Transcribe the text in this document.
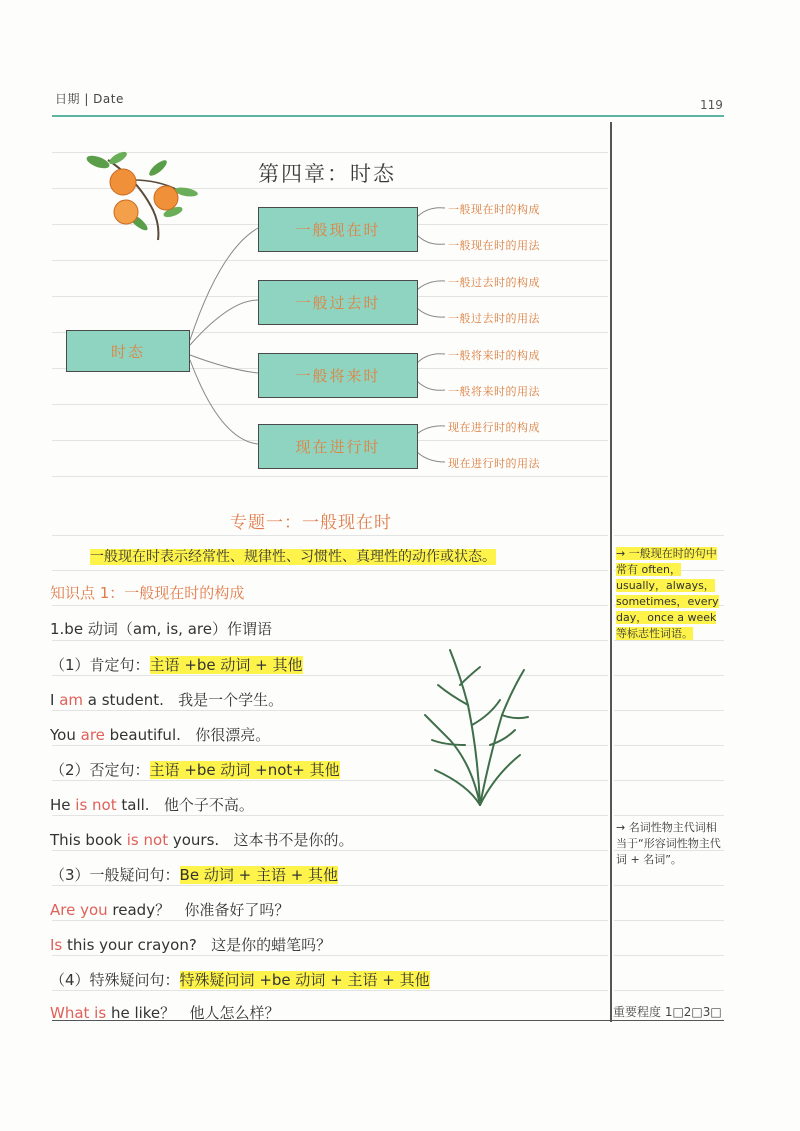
日期 | Date	119
第四章：时态
时态
一般现在时
一般过去时
一般将来时
现在进行时
一般现在时的构成
一般现在时的用法
一般过去时的构成
一般过去时的用法
一般将来时的构成
一般将来时的用法
现在进行时的构成
现在进行时的用法
专题一：一般现在时
一般现在时表示经常性、规律性、习惯性、真理性的动作或状态。
知识点 1：一般现在时的构成
1.be 动词（am, is, are）作谓语
（1）肯定句：主语 +be 动词 + 其他
I am a student. 我是一个学生。
You are beautiful. 你很漂亮。
（2）否定句：主语 +be 动词 +not+ 其他
He is not tall. 他个子不高。
This book is not yours. 这本书不是你的。
（3）一般疑问句：Be 动词 + 主语 + 其他
Are you ready？ 你准备好了吗？
Is this your crayon? 这是你的蜡笔吗？
（4）特殊疑问句：特殊疑问词 +be 动词 + 主语 + 其他
What is he like？ 他人怎么样？
→ 一般现在时的句中常有 often，usually，always，sometimes，every day，once a week 等标志性词语。
→ 名词性物主代词相当于“形容词性物主代词 + 名词”。
重要程度 1□2□3□
